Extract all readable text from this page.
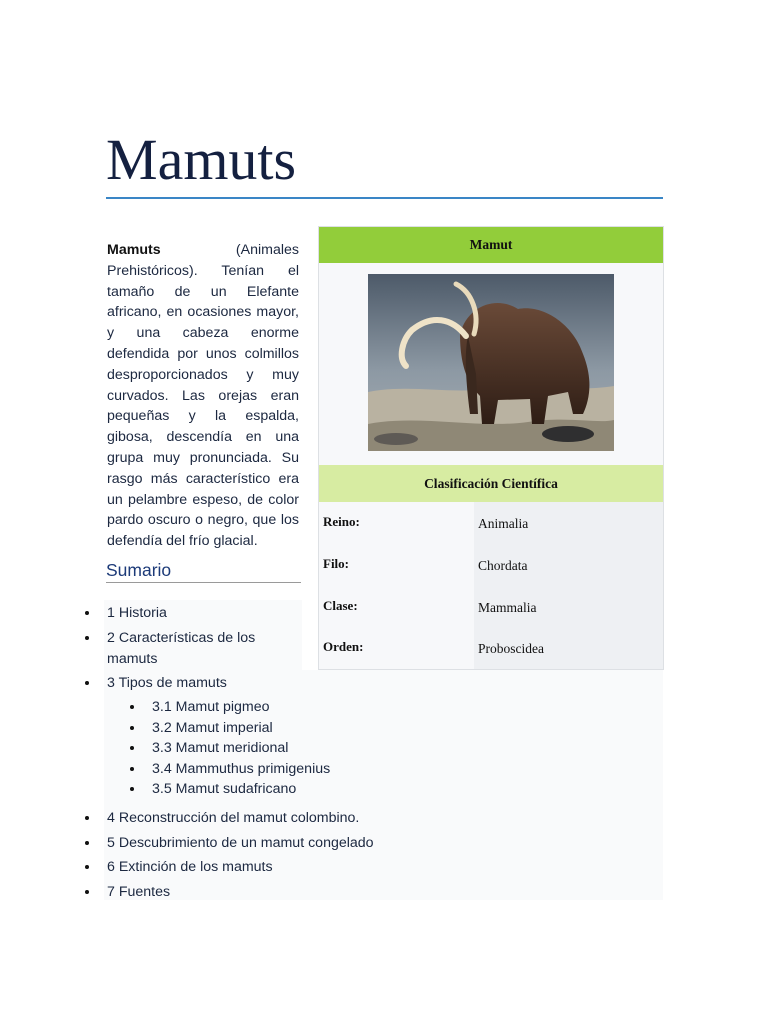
Mamuts

Mamuts (Animales Prehistóricos). Tenían el tamaño de un Elefante africano, en ocasiones mayor, y una cabeza enorme defendida por unos colmillos desproporcionados y muy curvados. Las orejas eran pequeñas y la espalda, gibosa, descendía en una grupa muy pronunciada. Su rasgo más característico era un pelambre espeso, de color pardo oscuro o negro, que los defendía del frío glacial.

Mamut
Clasificación Científica
Reino:	Animalia
Filo:	Chordata
Clase:	Mammalia
Orden:	Proboscidea
Sumario
1 Historia
2 Características de los mamuts
3 Tipos de mamuts
3.1 Mamut pigmeo
3.2 Mamut imperial
3.3 Mamut meridional
3.4 Mammuthus primigenius
3.5 Mamut sudafricano
4 Reconstrucción del mamut colombino.
5 Descubrimiento de un mamut congelado
6 Extinción de los mamuts
7 Fuentes
